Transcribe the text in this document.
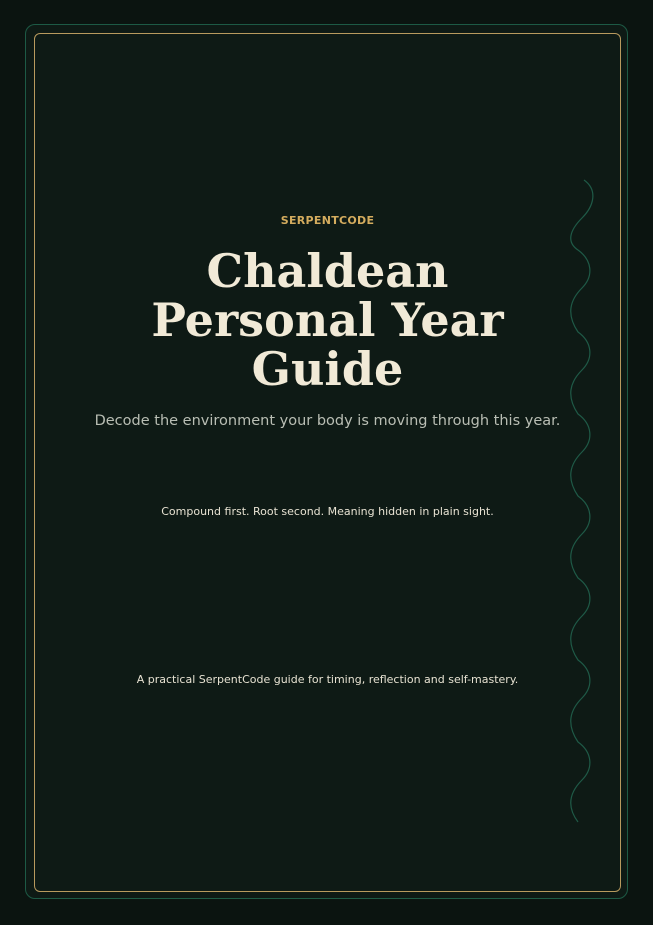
SERPENTCODE
Chaldean Personal Year Guide
Decode the environment your body is moving through this year.
Compound first. Root second. Meaning hidden in plain sight.
A practical SerpentCode guide for timing, reflection and self-mastery.
